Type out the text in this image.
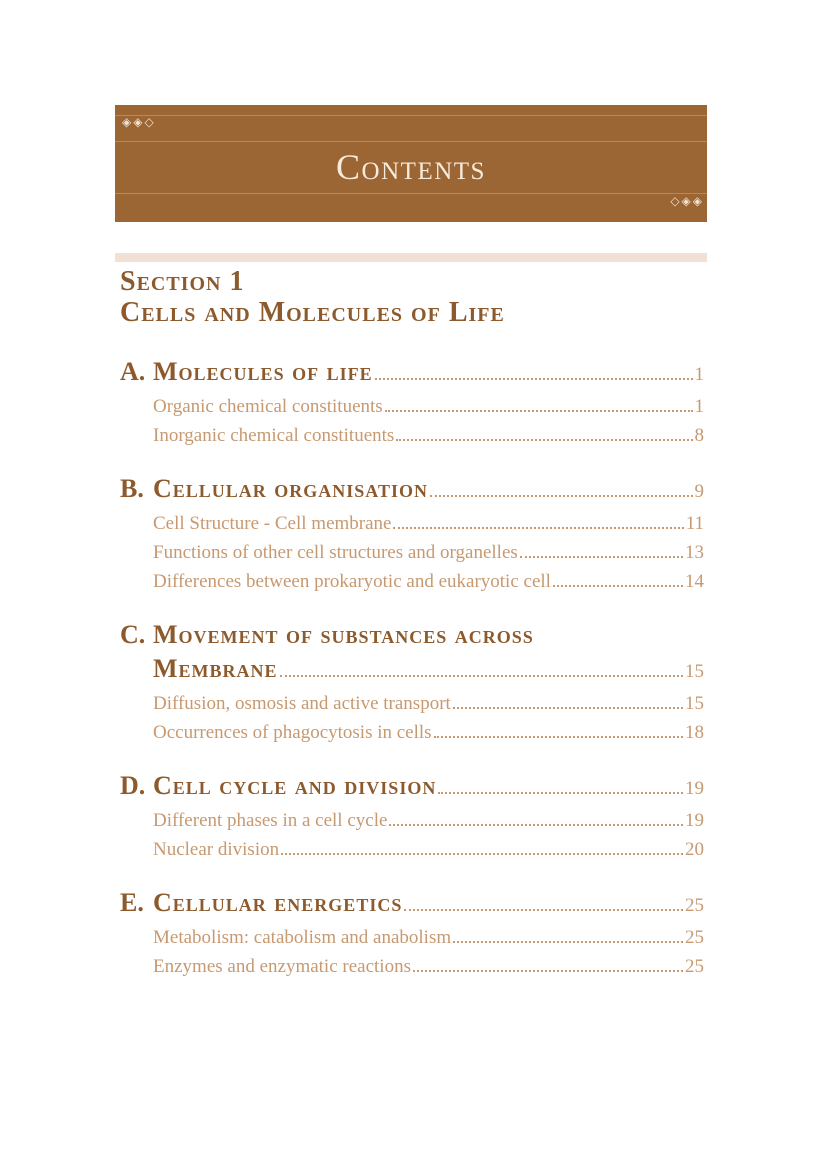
◈◈◇
Contents
◇◈◈
Section 1
Cells and Molecules of Life
A. Molecules of life	1
Organic chemical constituents	1
Inorganic chemical constituents	8
B. Cellular organisation	9
Cell Structure - Cell membrane	11
Functions of other cell structures and organelles	13
Differences between prokaryotic and eukaryotic cell	14
C. Movement of substances across
Membrane	15
Diffusion, osmosis and active transport	15
Occurrences of phagocytosis in cells	18
D. Cell cycle and division	19
Different phases in a cell cycle	19
Nuclear division	20
E. Cellular energetics	25
Metabolism: catabolism and anabolism	25
Enzymes and enzymatic reactions	25
